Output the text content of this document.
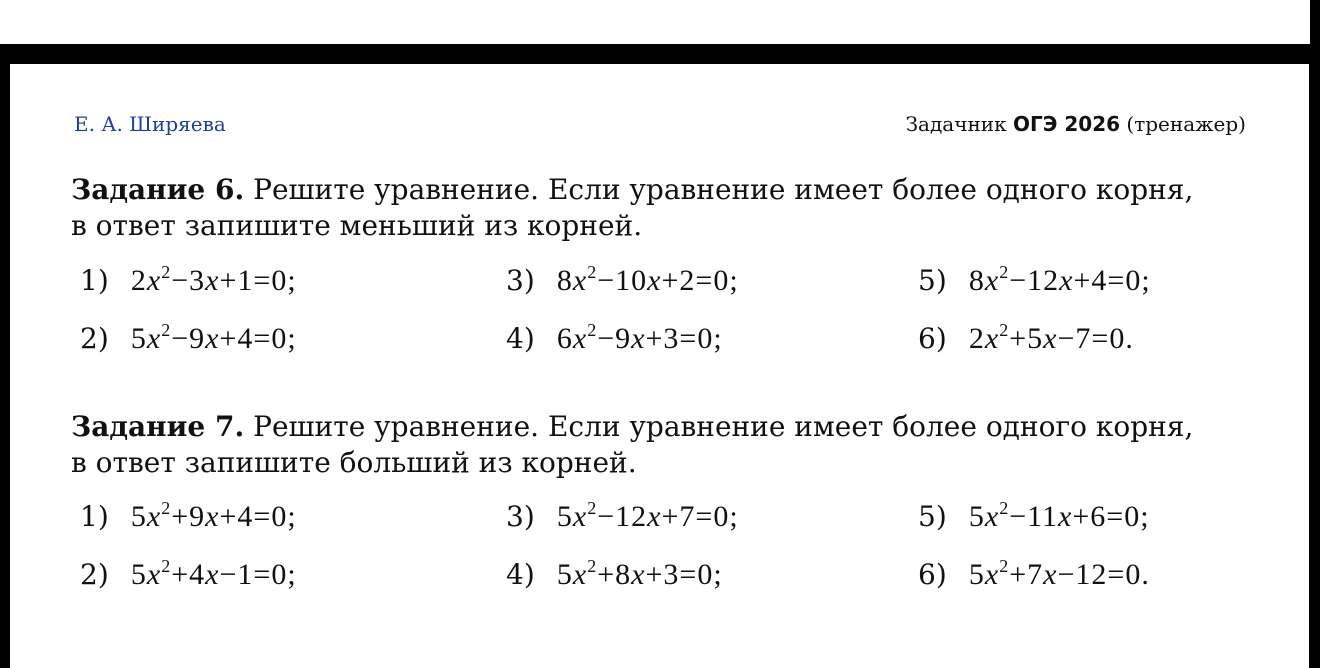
Е. А. Ширяева	Задачник ОГЭ 2026 (тренажер)
Задание 6. Решите уравнение. Если уравнение имеет более одного корня,
в ответ запишите меньший из корней.
1) $2x^2-3x+1=0$;	3) $8x^2-10x+2=0$;	5) $8x^2-12x+4=0$;
2) $5x^2-9x+4=0$;	4) $6x^2-9x+3=0$;	6) $2x^2+5x-7=0$.
Задание 7. Решите уравнение. Если уравнение имеет более одного корня,
в ответ запишите больший из корней.
1) $5x^2+9x+4=0$;	3) $5x^2-12x+7=0$;	5) $5x^2-11x+6=0$;
2) $5x^2+4x-1=0$;	4) $5x^2+8x+3=0$;	6) $5x^2+7x-12=0$.
